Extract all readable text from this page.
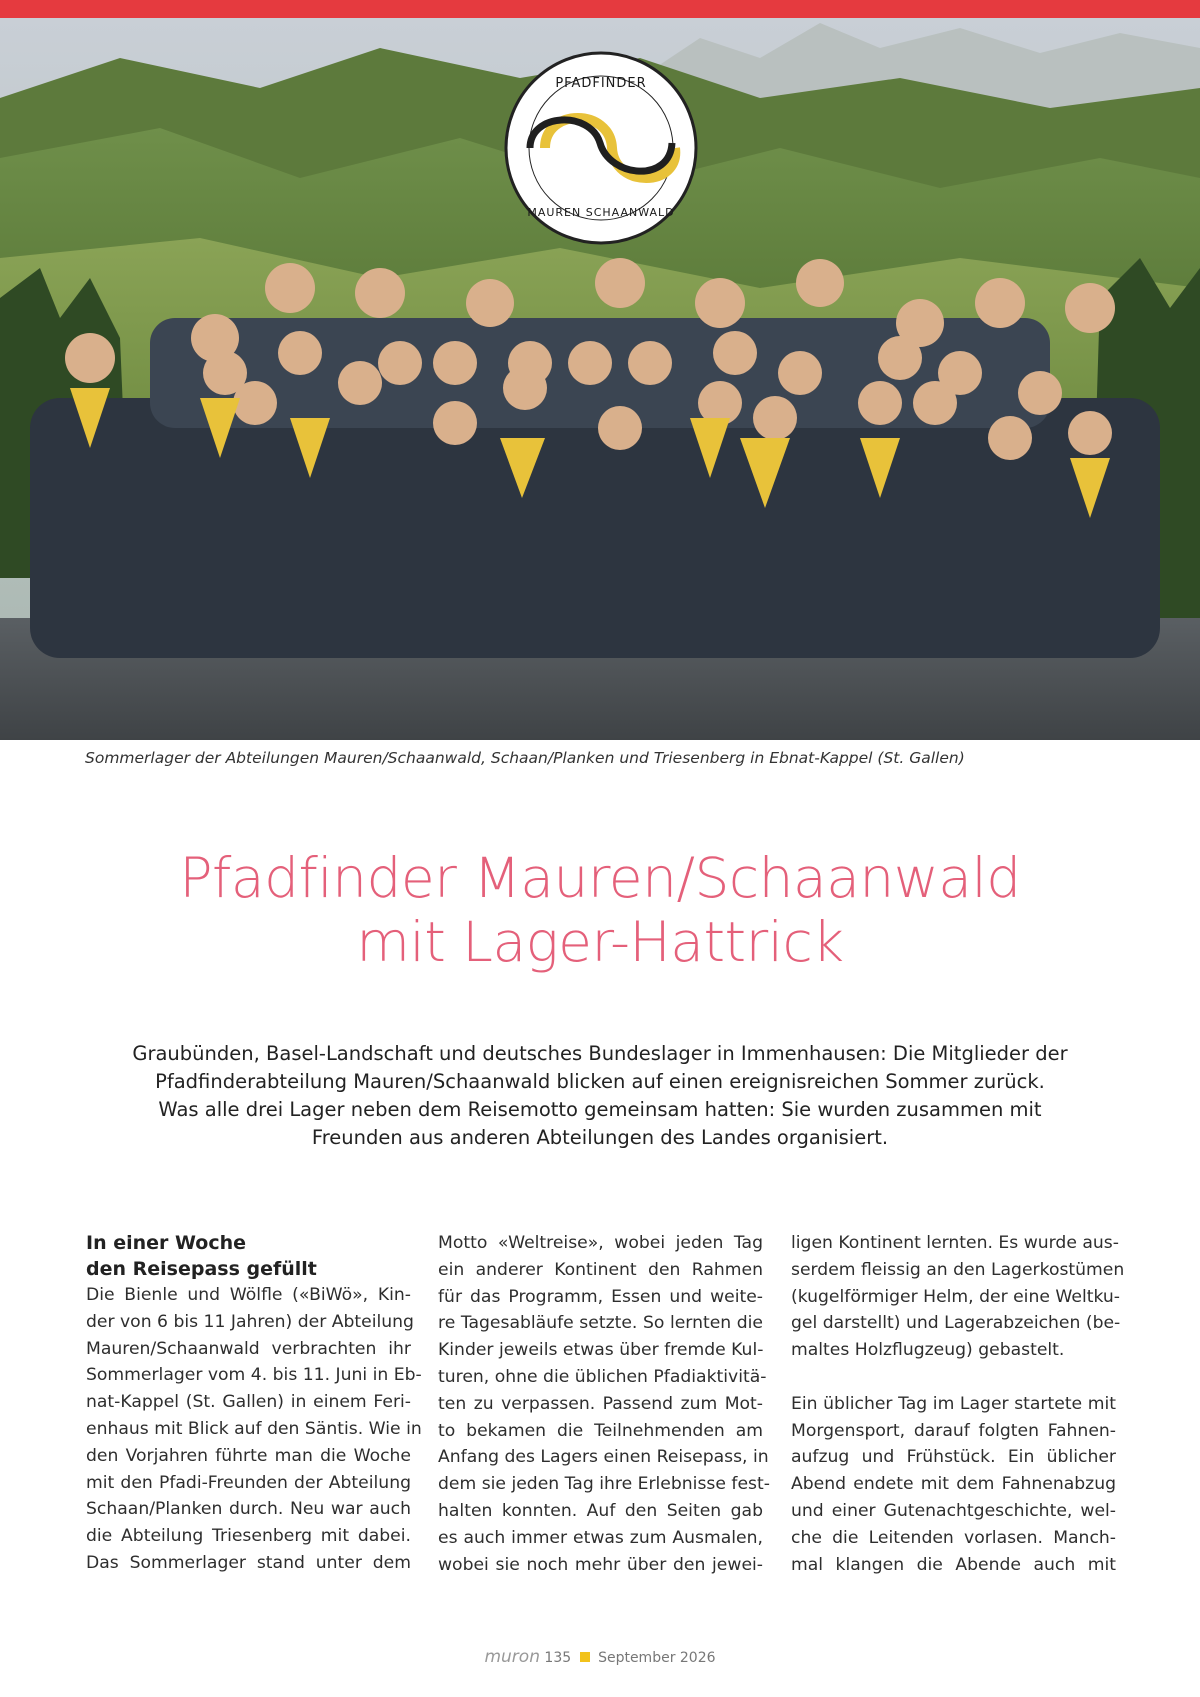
PFADFINDER
MAUREN SCHAANWALD
Sommerlager der Abteilungen Mauren/Schaanwald, Schaan/Planken und Triesenberg in Ebnat-Kappel (St. Gallen)
Pfadfinder Mauren/Schaanwald
mit Lager-Hattrick
Graubünden, Basel-Landschaft und deutsches Bundeslager in Immenhausen: Die Mitglieder der
Pfadfinderabteilung Mauren/Schaanwald blicken auf einen ereignisreichen Sommer zurück.
Was alle drei Lager neben dem Reisemotto gemeinsam hatten: Sie wurden zusammen mit
Freunden aus anderen Abteilungen des Landes organisiert.
In einer Woche
den Reisepass gefüllt
Die Bienle und Wölfle («BiWö», Kin-
der von 6 bis 11 Jahren) der Abteilung
Mauren/Schaanwald verbrachten ihr
Sommerlager vom 4. bis 11. Juni in Eb-
nat-Kappel (St. Gallen) in einem Feri-
enhaus mit Blick auf den Säntis. Wie in
den Vorjahren führte man die Woche
mit den Pfadi-Freunden der Abteilung
Schaan/Planken durch. Neu war auch
die Abteilung Triesenberg mit dabei.
Das Sommerlager stand unter dem
Motto «Weltreise», wobei jeden Tag
ein anderer Kontinent den Rahmen
für das Programm, Essen und weite-
re Tagesabläufe setzte. So lernten die
Kinder jeweils etwas über fremde Kul-
turen, ohne die üblichen Pfadiaktivitä-
ten zu verpassen. Passend zum Mot-
to bekamen die Teilnehmenden am
Anfang des Lagers einen Reisepass, in
dem sie jeden Tag ihre Erlebnisse fest-
halten konnten. Auf den Seiten gab
es auch immer etwas zum Ausmalen,
wobei sie noch mehr über den jewei-
ligen Kontinent lernten. Es wurde aus-
serdem fleissig an den Lagerkostümen
(kugelförmiger Helm, der eine Weltku-
gel darstellt) und Lagerabzeichen (be-
maltes Holzflugzeug) gebastelt.
Ein üblicher Tag im Lager startete mit
Morgensport, darauf folgten Fahnen-
aufzug und Frühstück. Ein üblicher
Abend endete mit dem Fahnenabzug
und einer Gutenachtgeschichte, wel-
che die Leitenden vorlasen. Manch-
mal klangen die Abende auch mit
muron 135 September 2026
